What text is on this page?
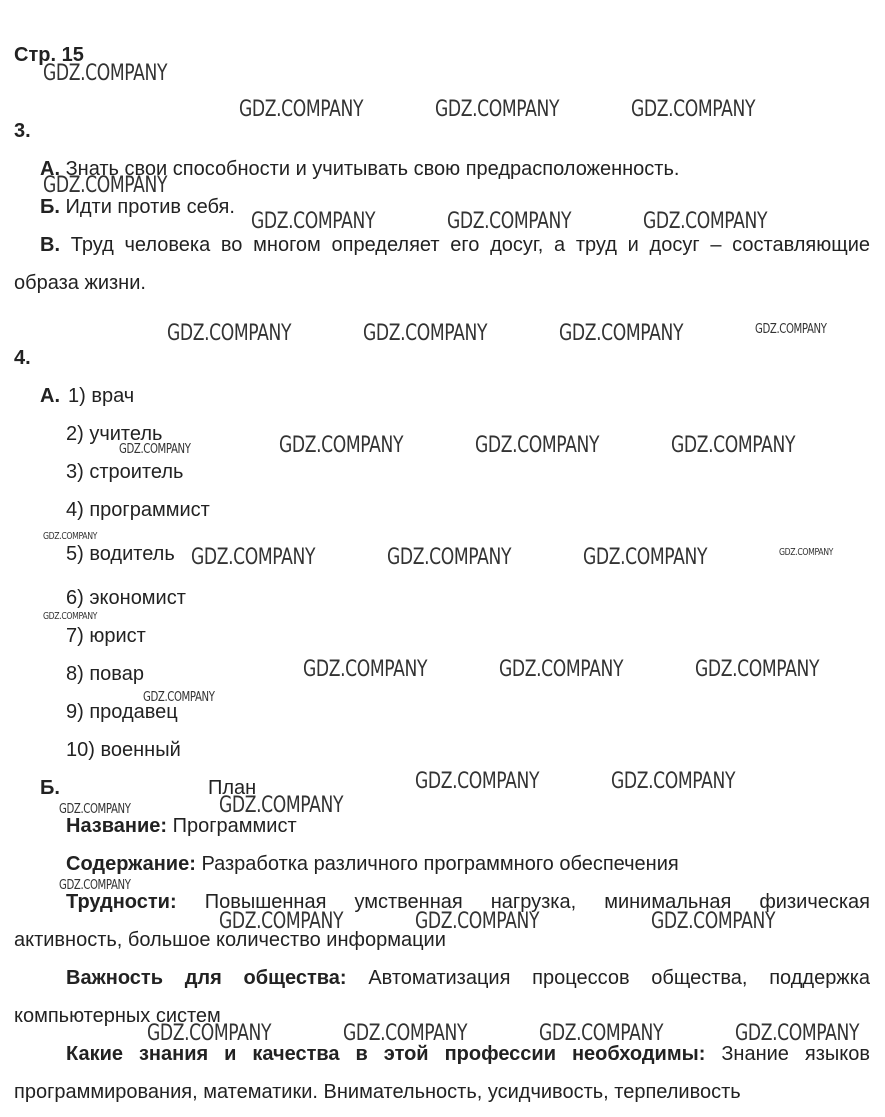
Стр. 15
3.
А. Знать свои способности и учитывать свою предрасположенность.
Б. Идти против себя.
В. Труд человека во многом определяет его досуг, а труд и досуг – составляющие образа жизни.
4.
А. 1) врач
2) учитель
3) строитель
4) программист
5) водитель
6) экономист
7) юрист
8) повар
9) продавец
10) военный
Б.	План
Название: Программист
Содержание: Разработка различного программного обеспечения
Трудности: Повышенная умственная нагрузка, минимальная физическая активность, большое количество информации
Важность для общества: Автоматизация процессов общества, поддержка компьютерных систем
Какие знания и качества в этой профессии необходимы: Знание языков программирования, математики. Внимательность, усидчивость, терпеливость
GDZ.COMPANY
GDZ.COMPANY	GDZ.COMPANY	GDZ.COMPANY
GDZ.COMPANY
GDZ.COMPANY	GDZ.COMPANY	GDZ.COMPANY
GDZ.COMPANY	GDZ.COMPANY	GDZ.COMPANY
GDZ.COMPANY	GDZ.COMPANY	GDZ.COMPANY
GDZ.COMPANY	GDZ.COMPANY	GDZ.COMPANY
GDZ.COMPANY	GDZ.COMPANY	GDZ.COMPANY
GDZ.COMPANY	GDZ.COMPANY
GDZ.COMPANY
GDZ.COMPANY	GDZ.COMPANY	GDZ.COMPANY
GDZ.COMPANY	GDZ.COMPANY	GDZ.COMPANY	GDZ.COMPANY
GDZ.COMPANY
GDZ.COMPANY
GDZ.COMPANY
GDZ.COMPANY
GDZ.COMPANY
GDZ.COMPANY
GDZ.COMPANY
GDZ.COMPANY
